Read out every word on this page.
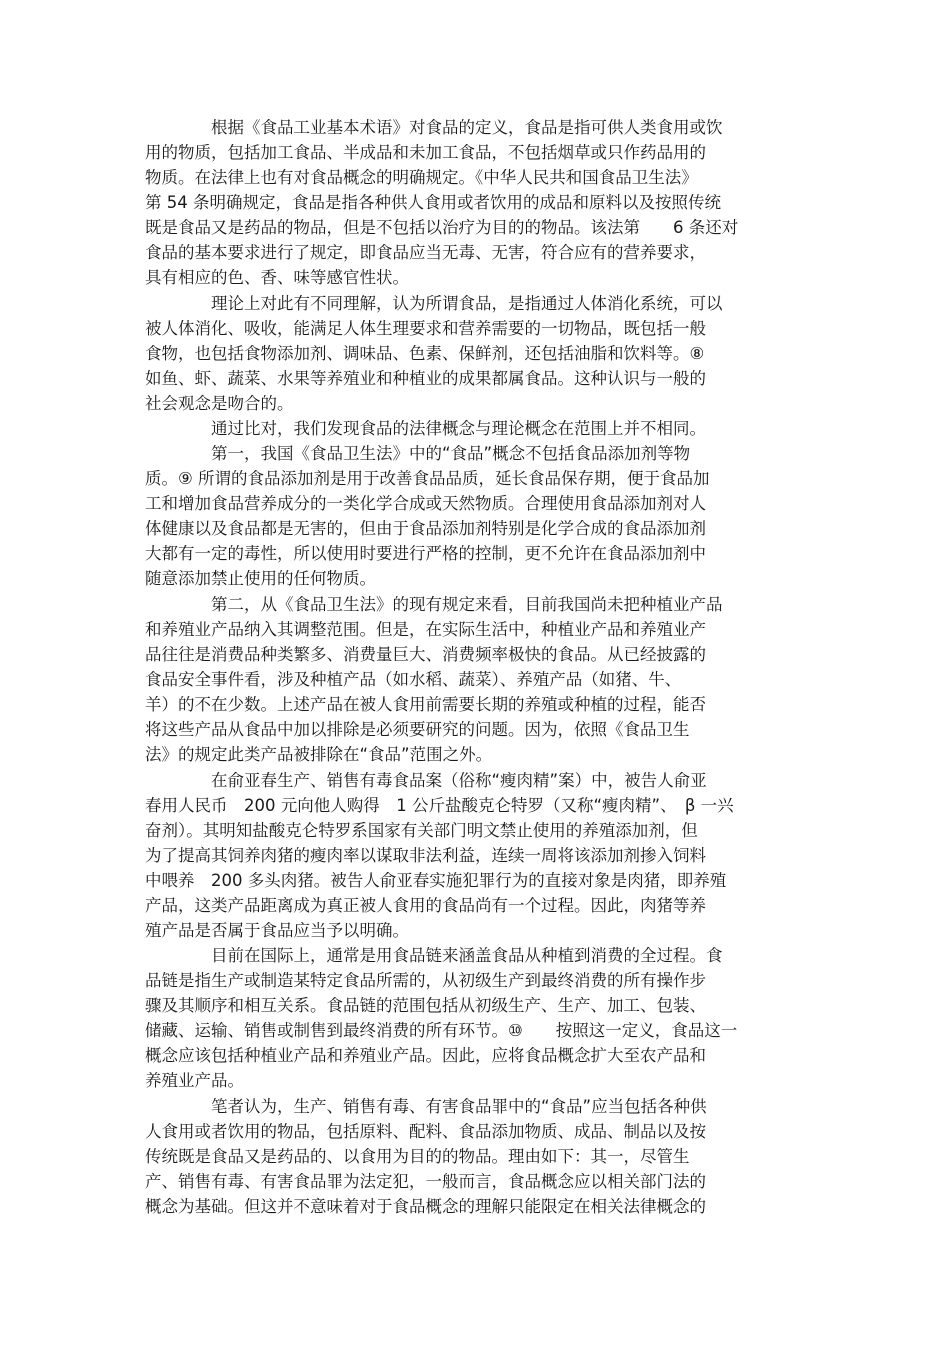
根据《食品工业基本术语》对食品的定义，食品是指可供人类食用或饮

用的物质，包括加工食品、半成品和未加工食品，不包括烟草或只作药品用的

物质。在法律上也有对食品概念的明确规定。《中华人民共和国食品卫生法》

第 54 条明确规定，食品是指各种供人食用或者饮用的成品和原料以及按照传统

既是食品又是药品的物品，但是不包括以治疗为目的的物品。该法第　　6 条还对

食品的基本要求进行了规定，即食品应当无毒、无害，符合应有的营养要求，

具有相应的色、香、味等感官性状。

理论上对此有不同理解，认为所谓食品，是指通过人体消化系统，可以

被人体消化、吸收，能满足人体生理要求和营养需要的一切物品，既包括一般

食物，也包括食物添加剂、调味品、色素、保鲜剂，还包括油脂和饮料等。⑧

如鱼、虾、蔬菜、水果等养殖业和种植业的成果都属食品。这种认识与一般的

社会观念是吻合的。

通过比对，我们发现食品的法律概念与理论概念在范围上并不相同。

第一，我国《食品卫生法》中的“食品”概念不包括食品添加剂等物

质。⑨ 所谓的食品添加剂是用于改善食品品质，延长食品保存期，便于食品加

工和增加食品营养成分的一类化学合成或天然物质。合理使用食品添加剂对人

体健康以及食品都是无害的，但由于食品添加剂特别是化学合成的食品添加剂

大都有一定的毒性，所以使用时要进行严格的控制，更不允许在食品添加剂中

随意添加禁止使用的任何物质。

第二，从《食品卫生法》的现有规定来看，目前我国尚未把种植业产品

和养殖业产品纳入其调整范围。但是，在实际生活中，种植业产品和养殖业产

品往往是消费品种类繁多、消费量巨大、消费频率极快的食品。从已经披露的

食品安全事件看，涉及种植产品（如水稻、蔬菜）、养殖产品（如猪、牛、

羊）的不在少数。上述产品在被人食用前需要长期的养殖或种植的过程，能否

将这些产品从食品中加以排除是必须要研究的问题。因为，依照《食品卫生

法》的规定此类产品被排除在“食品”范围之外。

在俞亚春生产、销售有毒食品案（俗称“瘦肉精”案）中，被告人俞亚

春用人民币　200 元向他人购得　1 公斤盐酸克仑特罗（又称“瘦肉精”、　β 一兴

奋剂）。其明知盐酸克仑特罗系国家有关部门明文禁止使用的养殖添加剂，但

为了提高其饲养肉猪的瘦肉率以谋取非法利益，连续一周将该添加剂掺入饲料

中喂养　200 多头肉猪。被告人俞亚春实施犯罪行为的直接对象是肉猪，即养殖

产品，这类产品距离成为真正被人食用的食品尚有一个过程。因此，肉猪等养

殖产品是否属于食品应当予以明确。

目前在国际上，通常是用食品链来涵盖食品从种植到消费的全过程。食

品链是指生产或制造某特定食品所需的，从初级生产到最终消费的所有操作步

骤及其顺序和相互关系。食品链的范围包括从初级生产、生产、加工、包装、

储藏、运输、销售或制售到最终消费的所有环节。⑩　　按照这一定义，食品这一

概念应该包括种植业产品和养殖业产品。因此，应将食品概念扩大至农产品和

养殖业产品。

笔者认为，生产、销售有毒、有害食品罪中的“食品”应当包括各种供

人食用或者饮用的物品，包括原料、配料、食品添加物质、成品、制品以及按

传统既是食品又是药品的、以食用为目的的物品。理由如下：其一，尽管生

产、销售有毒、有害食品罪为法定犯，一般而言，食品概念应以相关部门法的

概念为基础。但这并不意味着对于食品概念的理解只能限定在相关法律概念的
